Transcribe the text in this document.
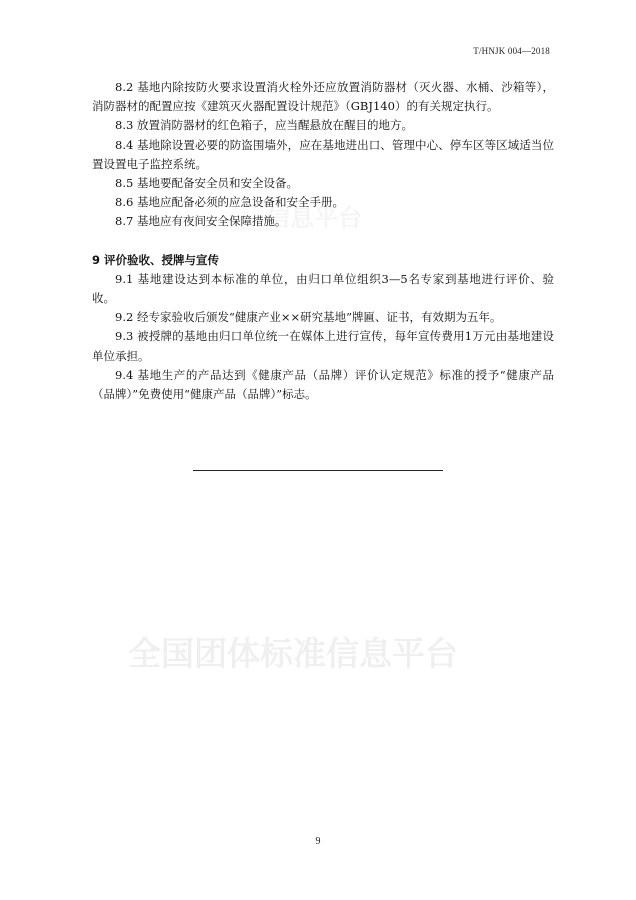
T/HNJK 004—2018
信息平台
全国团体标准信息平台

8.2 基地内除按防火要求设置消火栓外还应放置消防器材（灭火器、水桶、沙箱等），消防器材的配置应按《建筑灭火器配置设计规范》（GBJ140）的有关规定执行。

8.3 放置消防器材的红色箱子，应当醒悬放在醒目的地方。

8.4 基地除设置必要的防盗围墙外，应在基地进出口、管理中心、停车区等区域适当位置设置电子监控系统。

8.5 基地要配备安全员和安全设备。

8.6 基地应配备必须的应急设备和安全手册。

8.7 基地应有夜间安全保障措施。

9 评价验收、授牌与宣传

9.1 基地建设达到本标准的单位，由归口单位组织3—5名专家到基地进行评价、验收。

9.2 经专家验收后颁发“健康产业××研究基地”牌匾、证书，有效期为五年。

9.3 被授牌的基地由归口单位统一在媒体上进行宣传，每年宣传费用1万元由基地建设单位承担。

9.4 基地生产的产品达到《健康产品（品牌）评价认定规范》标准的授予“健康产品（品牌）”免费使用“健康产品（品牌）”标志。

9
